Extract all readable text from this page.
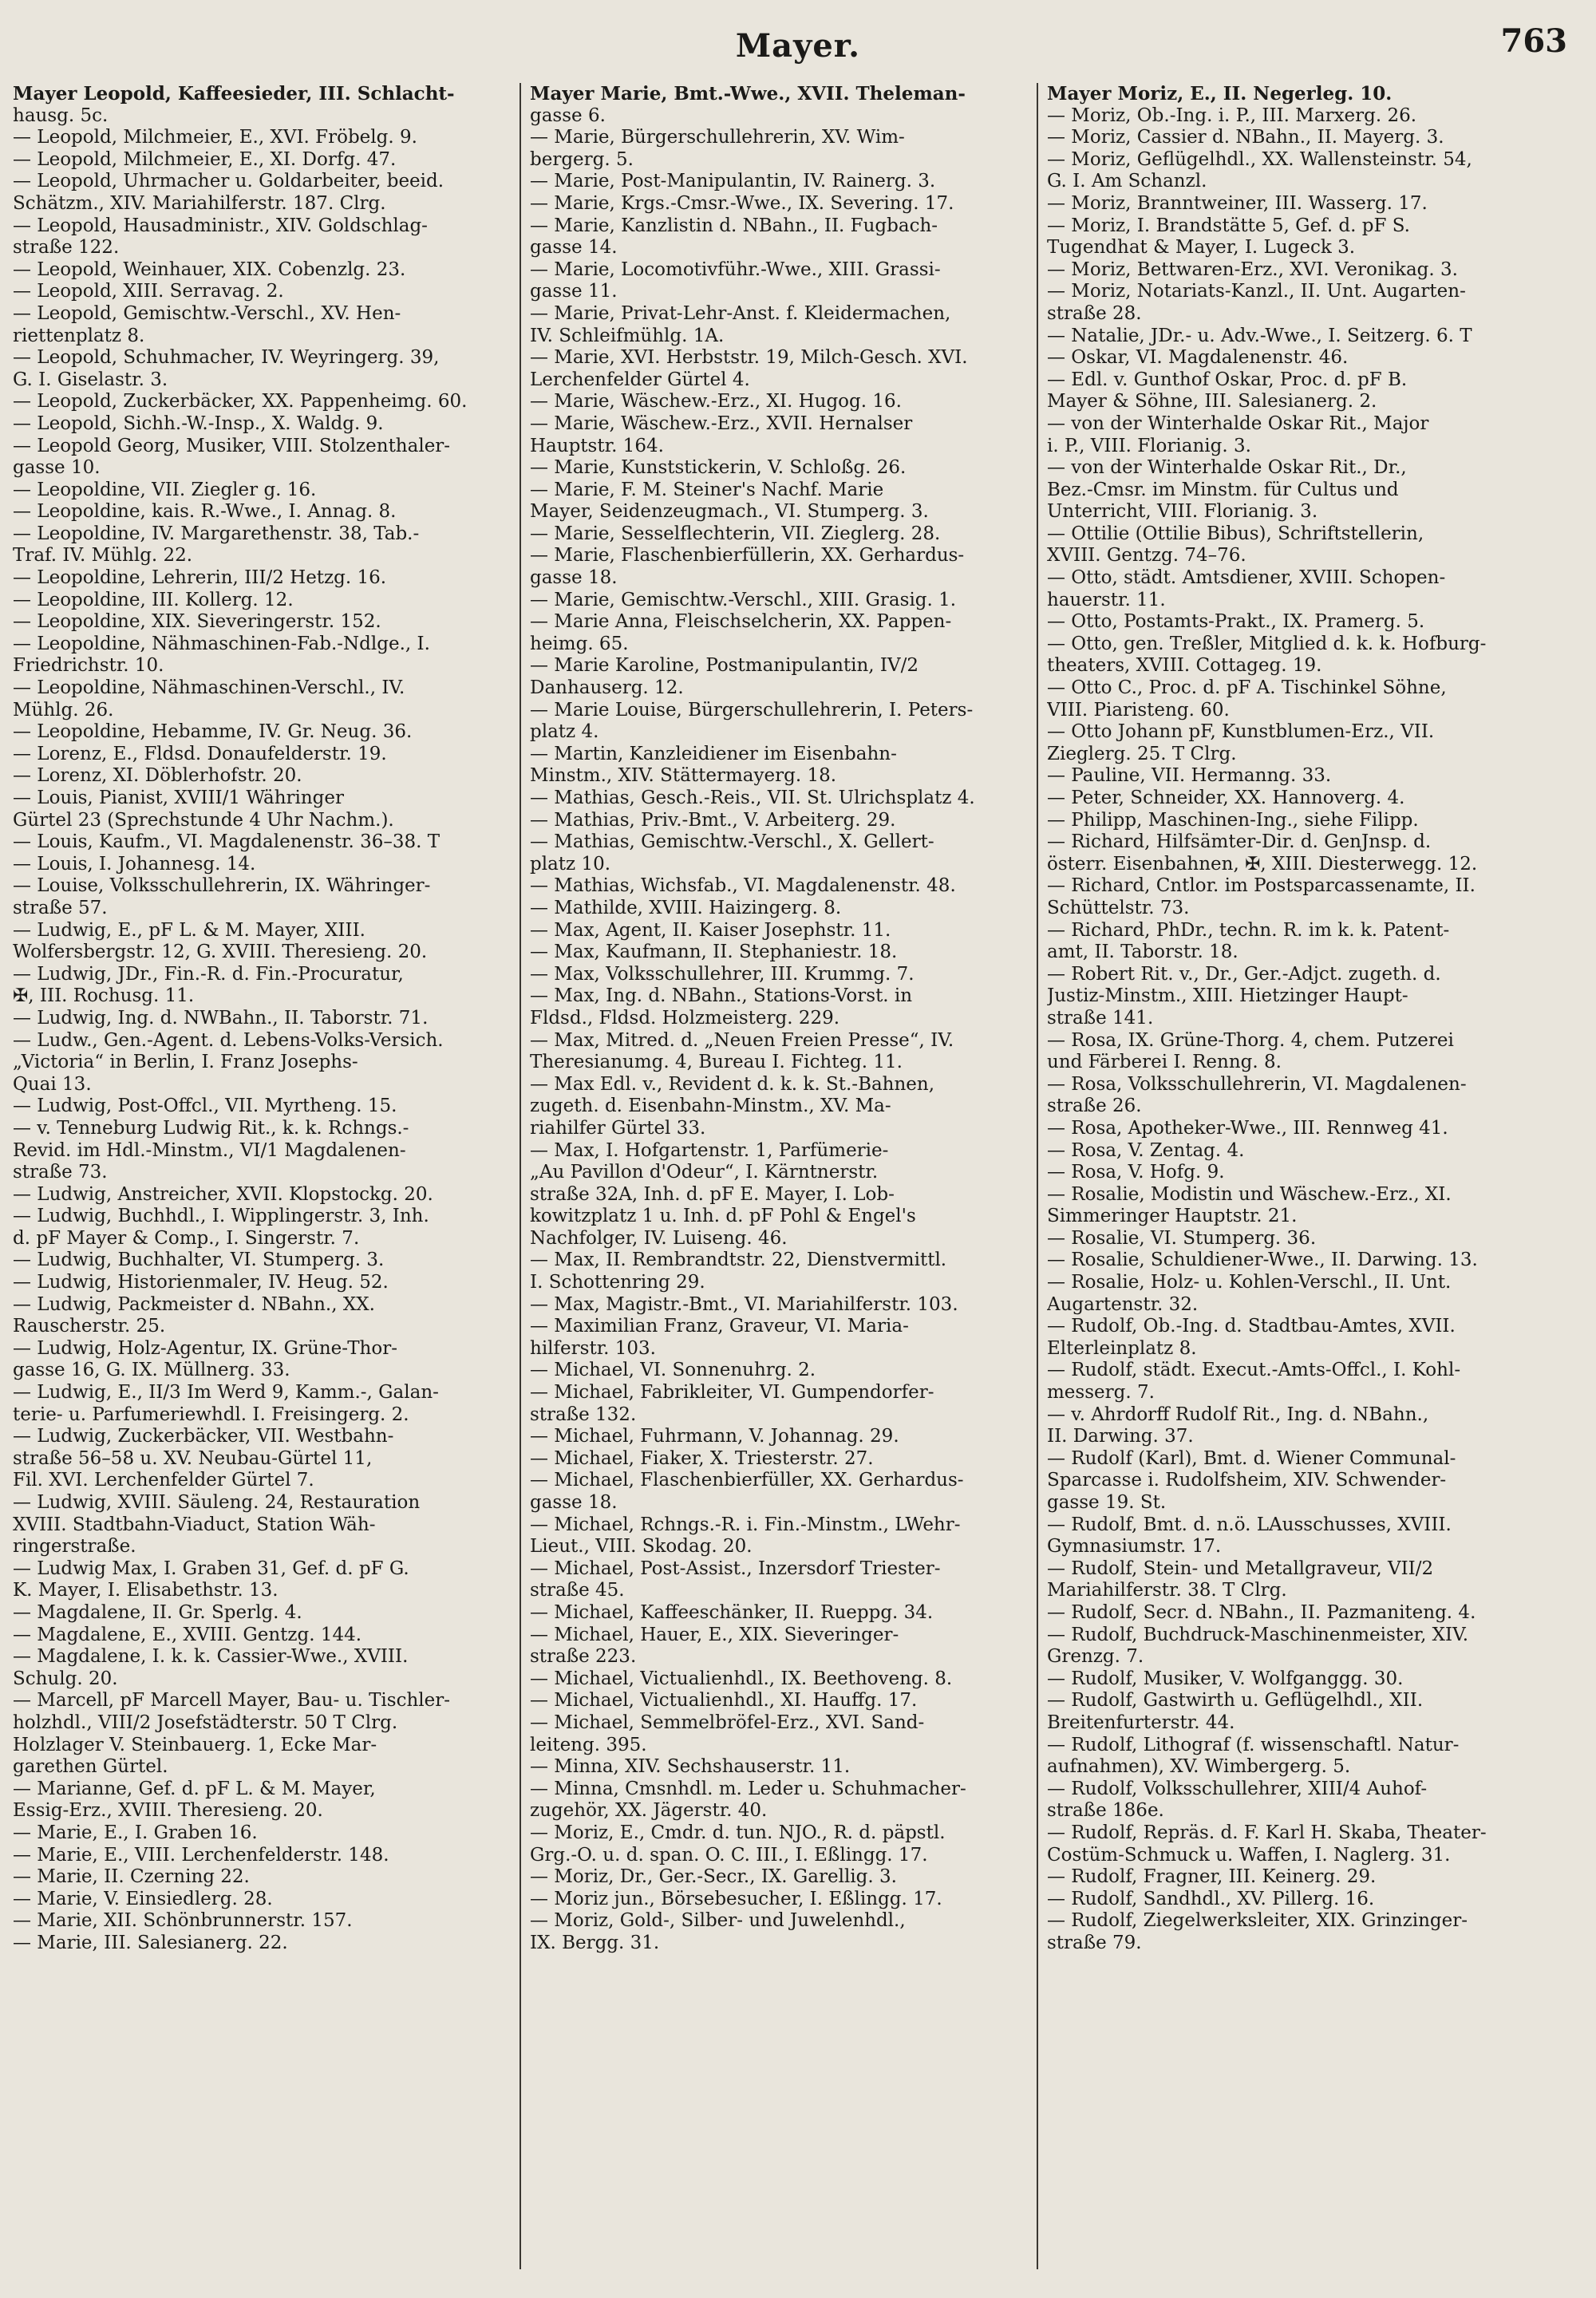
Mayer.	763
Mayer Leopold, Kaffeesieder, III. Schlacht-
hausg. 5c.
— Leopold, Milchmeier, E., XVI. Fröbelg. 9.
— Leopold, Milchmeier, E., XI. Dorfg. 47.
— Leopold, Uhrmacher u. Goldarbeiter, beeid.
Schätzm., XIV. Mariahilferstr. 187. Clrg.
— Leopold, Hausadministr., XIV. Goldschlag-
straße 122.
— Leopold, Weinhauer, XIX. Cobenzlg. 23.
— Leopold, XIII. Serravag. 2.
— Leopold, Gemischtw.-Verschl., XV. Hen-
riettenplatz 8.
— Leopold, Schuhmacher, IV. Weyringerg. 39,
G. I. Giselastr. 3.
— Leopold, Zuckerbäcker, XX. Pappenheimg. 60.
— Leopold, Sichh.-W.-Insp., X. Waldg. 9.
— Leopold Georg, Musiker, VIII. Stolzenthaler-
gasse 10.
— Leopoldine, VII. Ziegler g. 16.
— Leopoldine, kais. R.-Wwe., I. Annag. 8.
— Leopoldine, IV. Margarethenstr. 38, Tab.-
Traf. IV. Mühlg. 22.
— Leopoldine, Lehrerin, III/2 Hetzg. 16.
— Leopoldine, III. Kollerg. 12.
— Leopoldine, XIX. Sieveringerstr. 152.
— Leopoldine, Nähmaschinen-Fab.-Ndlge., I.
Friedrichstr. 10.
— Leopoldine, Nähmaschinen-Verschl., IV.
Mühlg. 26.
— Leopoldine, Hebamme, IV. Gr. Neug. 36.
— Lorenz, E., Fldsd. Donaufelderstr. 19.
— Lorenz, XI. Döblerhofstr. 20.
— Louis, Pianist, XVIII/1 Währinger
Gürtel 23 (Sprechstunde 4 Uhr Nachm.).
— Louis, Kaufm., VI. Magdalenenstr. 36–38. T
— Louis, I. Johannesg. 14.
— Louise, Volksschullehrerin, IX. Währinger-
straße 57.
— Ludwig, E., pF L. & M. Mayer, XIII.
Wolfersbergstr. 12, G. XVIII. Theresieng. 20.
— Ludwig, JDr., Fin.-R. d. Fin.-Procuratur,
✠, III. Rochusg. 11.
— Ludwig, Ing. d. NWBahn., II. Taborstr. 71.
— Ludw., Gen.-Agent. d. Lebens-Volks-Versich.
„Victoria“ in Berlin, I. Franz Josephs-
Quai 13.
— Ludwig, Post-Offcl., VII. Myrtheng. 15.
— v. Tenneburg Ludwig Rit., k. k. Rchngs.-
Revid. im Hdl.-Minstm., VI/1 Magdalenen-
straße 73.
— Ludwig, Anstreicher, XVII. Klopstockg. 20.
— Ludwig, Buchhdl., I. Wipplingerstr. 3, Inh.
d. pF Mayer & Comp., I. Singerstr. 7.
— Ludwig, Buchhalter, VI. Stumperg. 3.
— Ludwig, Historienmaler, IV. Heug. 52.
— Ludwig, Packmeister d. NBahn., XX.
Rauscherstr. 25.
— Ludwig, Holz-Agentur, IX. Grüne-Thor-
gasse 16, G. IX. Müllnerg. 33.
— Ludwig, E., II/3 Im Werd 9, Kamm.-, Galan-
terie- u. Parfumeriewhdl. I. Freisingerg. 2.
— Ludwig, Zuckerbäcker, VII. Westbahn-
straße 56–58 u. XV. Neubau-Gürtel 11,
Fil. XVI. Lerchenfelder Gürtel 7.
— Ludwig, XVIII. Säuleng. 24, Restauration
XVIII. Stadtbahn-Viaduct, Station Wäh-
ringerstraße.
— Ludwig Max, I. Graben 31, Gef. d. pF G.
K. Mayer, I. Elisabethstr. 13.
— Magdalene, II. Gr. Sperlg. 4.
— Magdalene, E., XVIII. Gentzg. 144.
— Magdalene, I. k. k. Cassier-Wwe., XVIII.
Schulg. 20.
— Marcell, pF Marcell Mayer, Bau- u. Tischler-
holzhdl., VIII/2 Josefstädterstr. 50 T Clrg.
Holzlager V. Steinbauerg. 1, Ecke Mar-
garethen Gürtel.
— Marianne, Gef. d. pF L. & M. Mayer,
Essig-Erz., XVIII. Theresieng. 20.
— Marie, E., I. Graben 16.
— Marie, E., VIII. Lerchenfelderstr. 148.
— Marie, II. Czerning 22.
— Marie, V. Einsiedlerg. 28.
— Marie, XII. Schönbrunnerstr. 157.
— Marie, III. Salesianerg. 22.
Mayer Marie, Bmt.-Wwe., XVII. Theleman-
gasse 6.
— Marie, Bürgerschullehrerin, XV. Wim-
bergerg. 5.
— Marie, Post-Manipulantin, IV. Rainerg. 3.
— Marie, Krgs.-Cmsr.-Wwe., IX. Severing. 17.
— Marie, Kanzlistin d. NBahn., II. Fugbach-
gasse 14.
— Marie, Locomotivführ.-Wwe., XIII. Grassi-
gasse 11.
— Marie, Privat-Lehr-Anst. f. Kleidermachen,
IV. Schleifmühlg. 1A.
— Marie, XVI. Herbststr. 19, Milch-Gesch. XVI.
Lerchenfelder Gürtel 4.
— Marie, Wäschew.-Erz., XI. Hugog. 16.
— Marie, Wäschew.-Erz., XVII. Hernalser
Hauptstr. 164.
— Marie, Kunststickerin, V. Schloßg. 26.
— Marie, F. M. Steiner's Nachf. Marie
Mayer, Seidenzeugmach., VI. Stumperg. 3.
— Marie, Sesselflechterin, VII. Zieglerg. 28.
— Marie, Flaschenbierfüllerin, XX. Gerhardus-
gasse 18.
— Marie, Gemischtw.-Verschl., XIII. Grasig. 1.
— Marie Anna, Fleischselcherin, XX. Pappen-
heimg. 65.
— Marie Karoline, Postmanipulantin, IV/2
Danhauserg. 12.
— Marie Louise, Bürgerschullehrerin, I. Peters-
platz 4.
— Martin, Kanzleidiener im Eisenbahn-
Minstm., XIV. Stättermayerg. 18.
— Mathias, Gesch.-Reis., VII. St. Ulrichsplatz 4.
— Mathias, Priv.-Bmt., V. Arbeiterg. 29.
— Mathias, Gemischtw.-Verschl., X. Gellert-
platz 10.
— Mathias, Wichsfab., VI. Magdalenenstr. 48.
— Mathilde, XVIII. Haizingerg. 8.
— Max, Agent, II. Kaiser Josephstr. 11.
— Max, Kaufmann, II. Stephaniestr. 18.
— Max, Volksschullehrer, III. Krummg. 7.
— Max, Ing. d. NBahn., Stations-Vorst. in
Fldsd., Fldsd. Holzmeisterg. 229.
— Max, Mitred. d. „Neuen Freien Presse“, IV.
Theresianumg. 4, Bureau I. Fichteg. 11.
— Max Edl. v., Revident d. k. k. St.-Bahnen,
zugeth. d. Eisenbahn-Minstm., XV. Ma-
riahilfer Gürtel 33.
— Max, I. Hofgartenstr. 1, Parfümerie-
„Au Pavillon d'Odeur“, I. Kärntnerstr.
straße 32A, Inh. d. pF E. Mayer, I. Lob-
kowitzplatz 1 u. Inh. d. pF Pohl & Engel's
Nachfolger, IV. Luiseng. 46.
— Max, II. Rembrandtstr. 22, Dienstvermittl.
I. Schottenring 29.
— Max, Magistr.-Bmt., VI. Mariahilferstr. 103.
— Maximilian Franz, Graveur, VI. Maria-
hilferstr. 103.
— Michael, VI. Sonnenuhrg. 2.
— Michael, Fabrikleiter, VI. Gumpendorfer-
straße 132.
— Michael, Fuhrmann, V. Johannag. 29.
— Michael, Fiaker, X. Triesterstr. 27.
— Michael, Flaschenbierfüller, XX. Gerhardus-
gasse 18.
— Michael, Rchngs.-R. i. Fin.-Minstm., LWehr-
Lieut., VIII. Skodag. 20.
— Michael, Post-Assist., Inzersdorf Triester-
straße 45.
— Michael, Kaffeeschänker, II. Rueppg. 34.
— Michael, Hauer, E., XIX. Sieveringer-
straße 223.
— Michael, Victualienhdl., IX. Beethoveng. 8.
— Michael, Victualienhdl., XI. Hauffg. 17.
— Michael, Semmelbröfel-Erz., XVI. Sand-
leiteng. 395.
— Minna, XIV. Sechshauserstr. 11.
— Minna, Cmsnhdl. m. Leder u. Schuhmacher-
zugehör, XX. Jägerstr. 40.
— Moriz, E., Cmdr. d. tun. NJO., R. d. päpstl.
Grg.-O. u. d. span. O. C. III., I. Eßlingg. 17.
— Moriz, Dr., Ger.-Secr., IX. Garellig. 3.
— Moriz jun., Börsebesucher, I. Eßlingg. 17.
— Moriz, Gold-, Silber- und Juwelenhdl.,
IX. Bergg. 31.
Mayer Moriz, E., II. Negerleg. 10.
— Moriz, Ob.-Ing. i. P., III. Marxerg. 26.
— Moriz, Cassier d. NBahn., II. Mayerg. 3.
— Moriz, Geflügelhdl., XX. Wallensteinstr. 54,
G. I. Am Schanzl.
— Moriz, Branntweiner, III. Wasserg. 17.
— Moriz, I. Brandstätte 5, Gef. d. pF S.
Tugendhat & Mayer, I. Lugeck 3.
— Moriz, Bettwaren-Erz., XVI. Veronikag. 3.
— Moriz, Notariats-Kanzl., II. Unt. Augarten-
straße 28.
— Natalie, JDr.- u. Adv.-Wwe., I. Seitzerg. 6. T
— Oskar, VI. Magdalenenstr. 46.
— Edl. v. Gunthof Oskar, Proc. d. pF B.
Mayer & Söhne, III. Salesianerg. 2.
— von der Winterhalde Oskar Rit., Major
i. P., VIII. Florianig. 3.
— von der Winterhalde Oskar Rit., Dr.,
Bez.-Cmsr. im Minstm. für Cultus und
Unterricht, VIII. Florianig. 3.
— Ottilie (Ottilie Bibus), Schriftstellerin,
XVIII. Gentzg. 74–76.
— Otto, städt. Amtsdiener, XVIII. Schopen-
hauerstr. 11.
— Otto, Postamts-Prakt., IX. Pramerg. 5.
— Otto, gen. Treßler, Mitglied d. k. k. Hofburg-
theaters, XVIII. Cottageg. 19.
— Otto C., Proc. d. pF A. Tischinkel Söhne,
VIII. Piaristeng. 60.
— Otto Johann pF, Kunstblumen-Erz., VII.
Zieglerg. 25. T Clrg.
— Pauline, VII. Hermanng. 33.
— Peter, Schneider, XX. Hannoverg. 4.
— Philipp, Maschinen-Ing., siehe Filipp.
— Richard, Hilfsämter-Dir. d. GenJnsp. d.
österr. Eisenbahnen, ✠, XIII. Diesterwegg. 12.
— Richard, Cntlor. im Postsparcassenamte, II.
Schüttelstr. 73.
— Richard, PhDr., techn. R. im k. k. Patent-
amt, II. Taborstr. 18.
— Robert Rit. v., Dr., Ger.-Adjct. zugeth. d.
Justiz-Minstm., XIII. Hietzinger Haupt-
straße 141.
— Rosa, IX. Grüne-Thorg. 4, chem. Putzerei
und Färberei I. Renng. 8.
— Rosa, Volksschullehrerin, VI. Magdalenen-
straße 26.
— Rosa, Apotheker-Wwe., III. Rennweg 41.
— Rosa, V. Zentag. 4.
— Rosa, V. Hofg. 9.
— Rosalie, Modistin und Wäschew.-Erz., XI.
Simmeringer Hauptstr. 21.
— Rosalie, VI. Stumperg. 36.
— Rosalie, Schuldiener-Wwe., II. Darwing. 13.
— Rosalie, Holz- u. Kohlen-Verschl., II. Unt.
Augartenstr. 32.
— Rudolf, Ob.-Ing. d. Stadtbau-Amtes, XVII.
Elterleinplatz 8.
— Rudolf, städt. Execut.-Amts-Offcl., I. Kohl-
messerg. 7.
— v. Ahrdorff Rudolf Rit., Ing. d. NBahn.,
II. Darwing. 37.
— Rudolf (Karl), Bmt. d. Wiener Communal-
Sparcasse i. Rudolfsheim, XIV. Schwender-
gasse 19. St.
— Rudolf, Bmt. d. n.ö. LAusschusses, XVIII.
Gymnasiumstr. 17.
— Rudolf, Stein- und Metallgraveur, VII/2
Mariahilferstr. 38. T Clrg.
— Rudolf, Secr. d. NBahn., II. Pazmaniteng. 4.
— Rudolf, Buchdruck-Maschinenmeister, XIV.
Grenzg. 7.
— Rudolf, Musiker, V. Wolfganggg. 30.
— Rudolf, Gastwirth u. Geflügelhdl., XII.
Breitenfurterstr. 44.
— Rudolf, Lithograf (f. wissenschaftl. Natur-
aufnahmen), XV. Wimbergerg. 5.
— Rudolf, Volksschullehrer, XIII/4 Auhof-
straße 186e.
— Rudolf, Repräs. d. F. Karl H. Skaba, Theater-
Costüm-Schmuck u. Waffen, I. Naglerg. 31.
— Rudolf, Fragner, III. Keinerg. 29.
— Rudolf, Sandhdl., XV. Pillerg. 16.
— Rudolf, Ziegelwerksleiter, XIX. Grinzinger-
straße 79.
